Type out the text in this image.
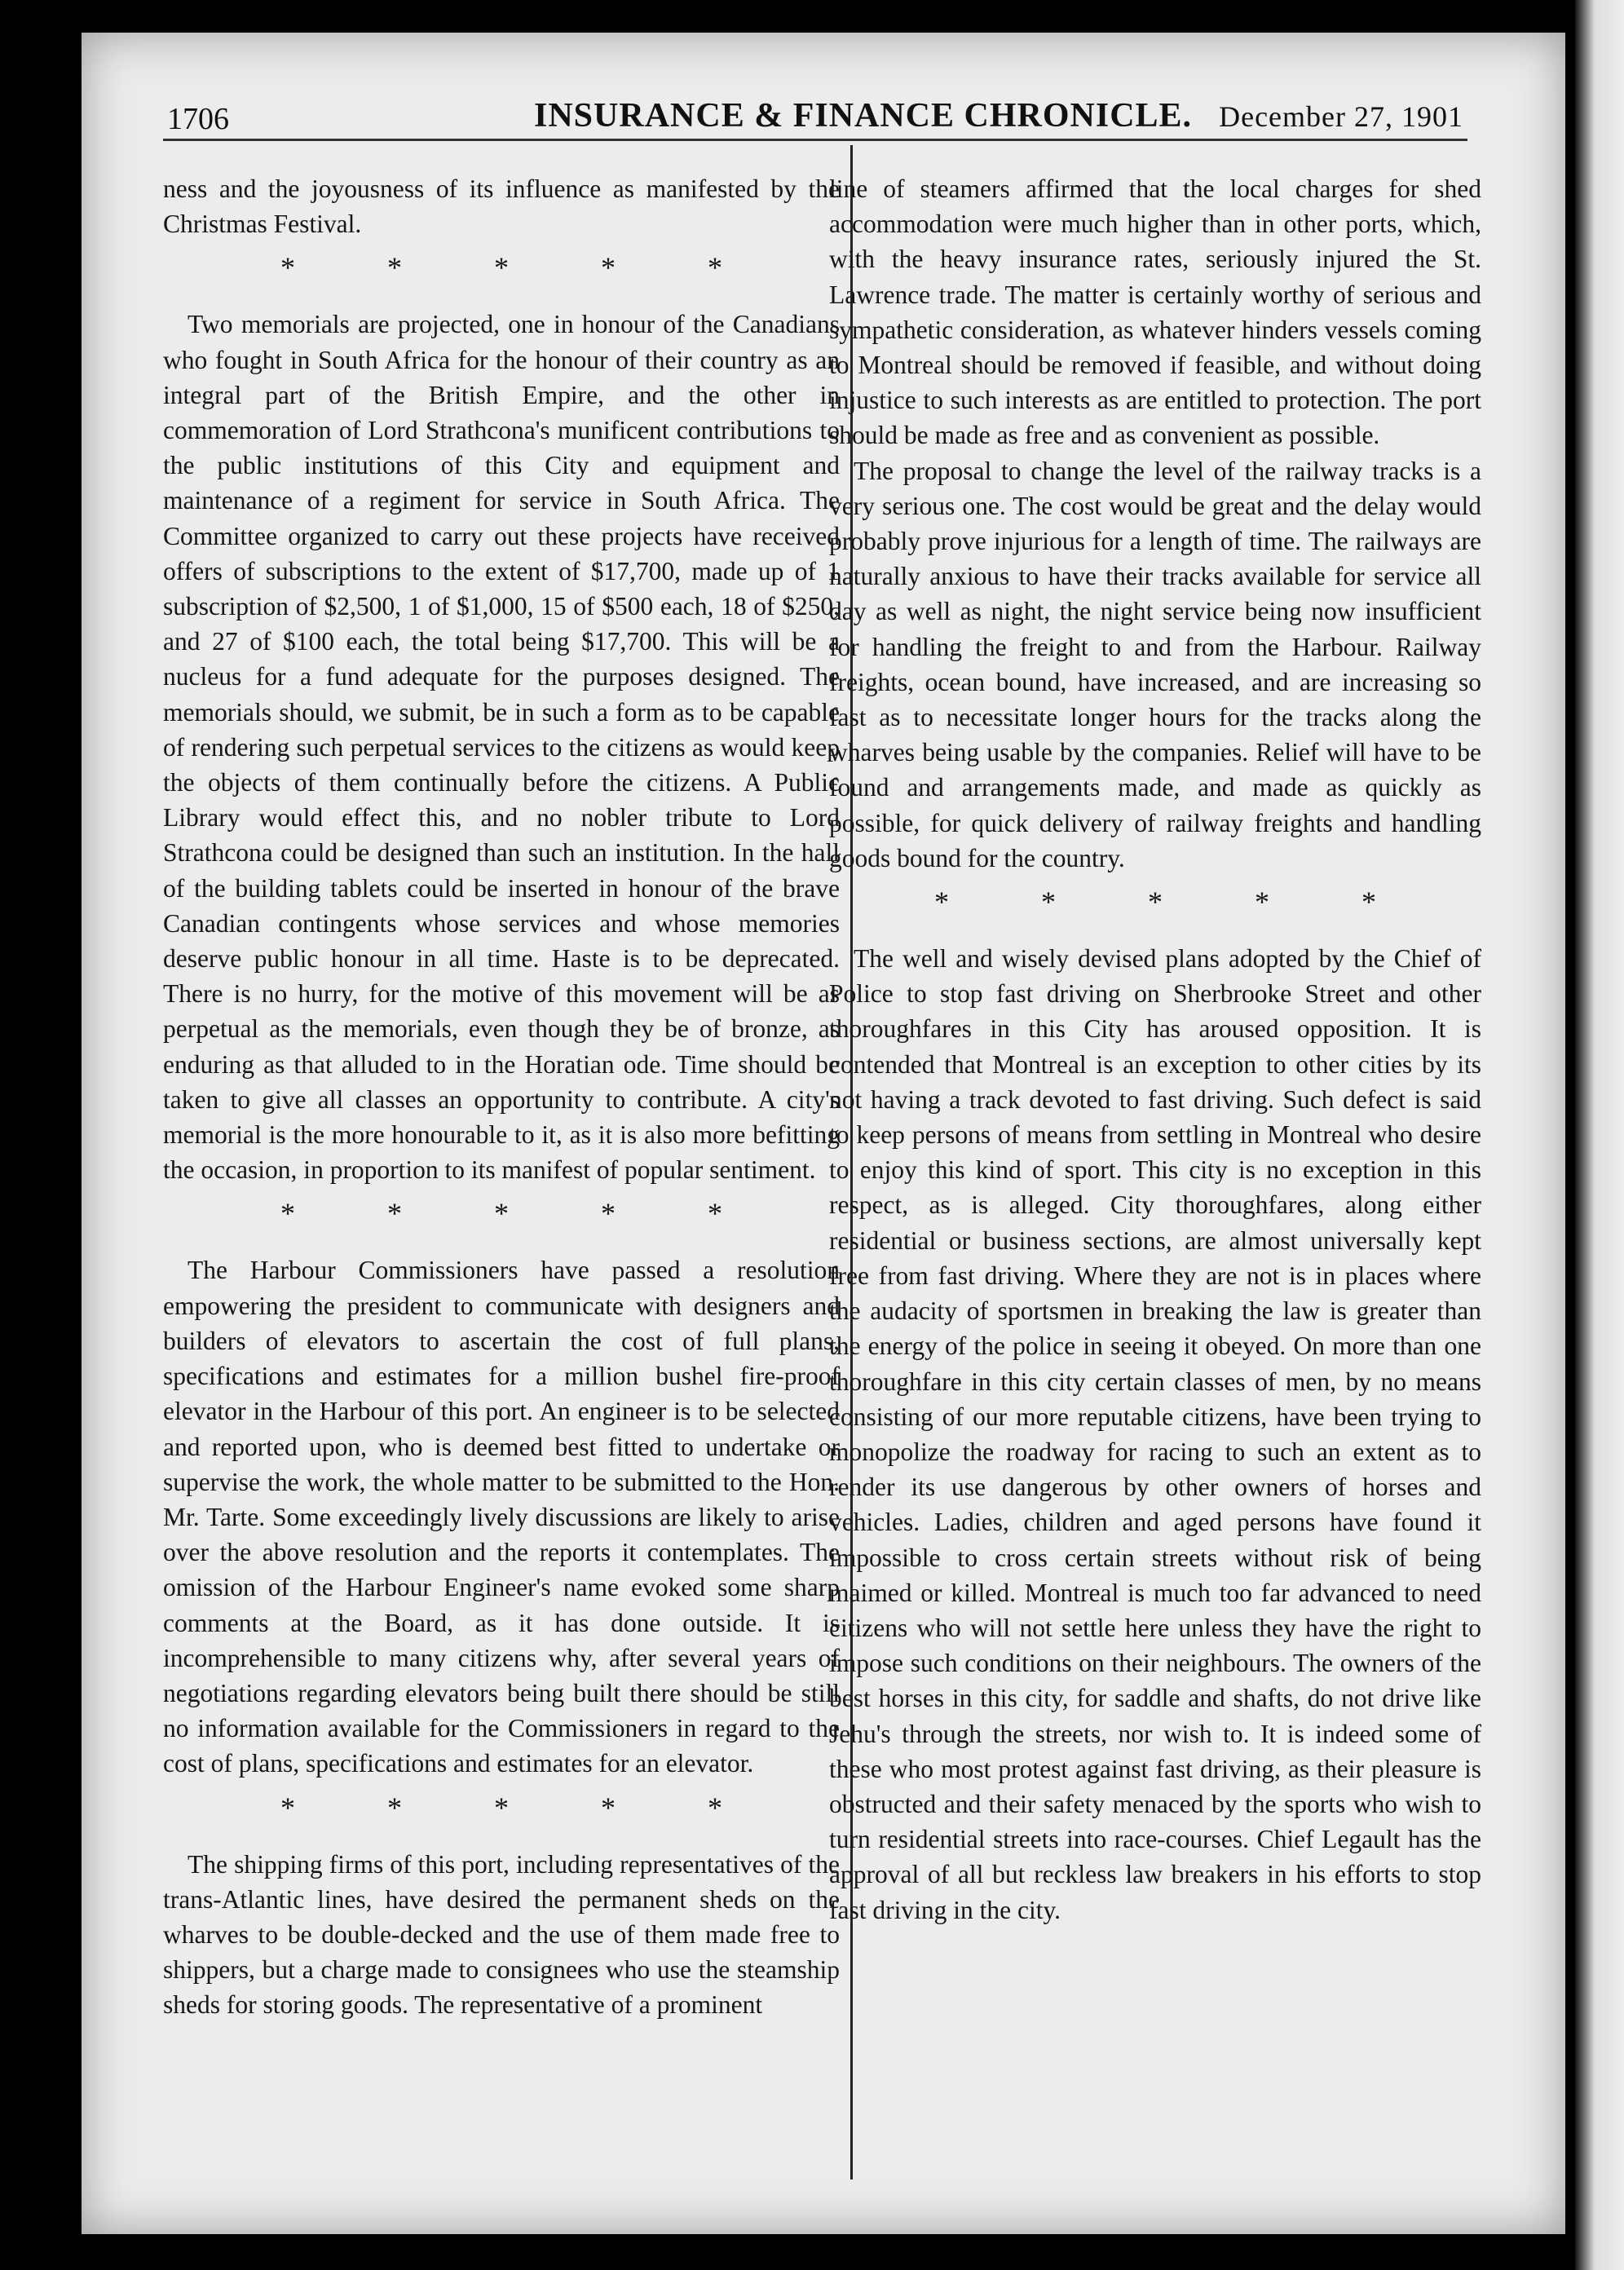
1706	INSURANCE & FINANCE CHRONICLE. December 27, 1901

ness and the joyousness of its influence as manifested by the Christmas Festival.

* * * * *

Two memorials are projected, one in honour of the Canadians who fought in South Africa for the honour of their country as an integral part of the British Empire, and the other in commemoration of Lord Strathcona's munificent contributions to the public institutions of this City and equipment and maintenance of a regiment for service in South Africa. The Committee organized to carry out these projects have received offers of subscriptions to the extent of $17,700, made up of 1 subscription of $2,500, 1 of $1,000, 15 of $500 each, 18 of $250, and 27 of $100 each, the total being $17,700. This will be a nucleus for a fund adequate for the purposes designed. The memorials should, we submit, be in such a form as to be capable of rendering such perpetual services to the citizens as would keep the objects of them continually before the citizens. A Public Library would effect this, and no nobler tribute to Lord Strathcona could be designed than such an institution. In the hall of the building tablets could be inserted in honour of the brave Canadian contingents whose services and whose memories deserve public honour in all time. Haste is to be deprecated. There is no hurry, for the motive of this movement will be as perpetual as the memorials, even though they be of bronze, as enduring as that alluded to in the Horatian ode. Time should be taken to give all classes an opportunity to contribute. A city's memorial is the more honourable to it, as it is also more befitting the occasion, in proportion to its manifest of popular sentiment.

* * * * *

The Harbour Commissioners have passed a resolution empowering the president to communicate with designers and builders of elevators to ascertain the cost of full plans, specifications and estimates for a million bushel fire-proof elevator in the Harbour of this port. An engineer is to be selected and reported upon, who is deemed best fitted to undertake or supervise the work, the whole matter to be submitted to the Hon. Mr. Tarte. Some exceedingly lively discussions are likely to arise over the above resolution and the reports it contemplates. The omission of the Harbour Engineer's name evoked some sharp comments at the Board, as it has done outside. It is incomprehensible to many citizens why, after several years of negotiations regarding elevators being built there should be still no information available for the Commissioners in regard to the cost of plans, specifications and estimates for an elevator.

* * * * *

The shipping firms of this port, including representatives of the trans-Atlantic lines, have desired the permanent sheds on the wharves to be double-decked and the use of them made free to shippers, but a charge made to consignees who use the steamship sheds for storing goods. The representative of a prominent

line of steamers affirmed that the local charges for shed accommodation were much higher than in other ports, which, with the heavy insurance rates, seriously injured the St. Lawrence trade. The matter is certainly worthy of serious and sympathetic consideration, as whatever hinders vessels coming to Montreal should be removed if feasible, and without doing injustice to such interests as are entitled to protection. The port should be made as free and as convenient as possible.

The proposal to change the level of the railway tracks is a very serious one. The cost would be great and the delay would probably prove injurious for a length of time. The railways are naturally anxious to have their tracks available for service all day as well as night, the night service being now insufficient for handling the freight to and from the Harbour. Railway freights, ocean bound, have increased, and are increasing so fast as to necessitate longer hours for the tracks along the wharves being usable by the companies. Relief will have to be found and arrangements made, and made as quickly as possible, for quick delivery of railway freights and handling goods bound for the country.

* * * * *

The well and wisely devised plans adopted by the Chief of Police to stop fast driving on Sherbrooke Street and other thoroughfares in this City has aroused opposition. It is contended that Montreal is an exception to other cities by its not having a track devoted to fast driving. Such defect is said to keep persons of means from settling in Montreal who desire to enjoy this kind of sport. This city is no exception in this respect, as is alleged. City thoroughfares, along either residential or business sections, are almost universally kept free from fast driving. Where they are not is in places where the audacity of sportsmen in breaking the law is greater than the energy of the police in seeing it obeyed. On more than one thoroughfare in this city certain classes of men, by no means consisting of our more reputable citizens, have been trying to monopolize the roadway for racing to such an extent as to render its use dangerous by other owners of horses and vehicles. Ladies, children and aged persons have found it impossible to cross certain streets without risk of being maimed or killed. Montreal is much too far advanced to need citizens who will not settle here unless they have the right to impose such conditions on their neighbours. The owners of the best horses in this city, for saddle and shafts, do not drive like Jehu's through the streets, nor wish to. It is indeed some of these who most protest against fast driving, as their pleasure is obstructed and their safety menaced by the sports who wish to turn residential streets into race-courses. Chief Legault has the approval of all but reckless law breakers in his efforts to stop fast driving in the city.
